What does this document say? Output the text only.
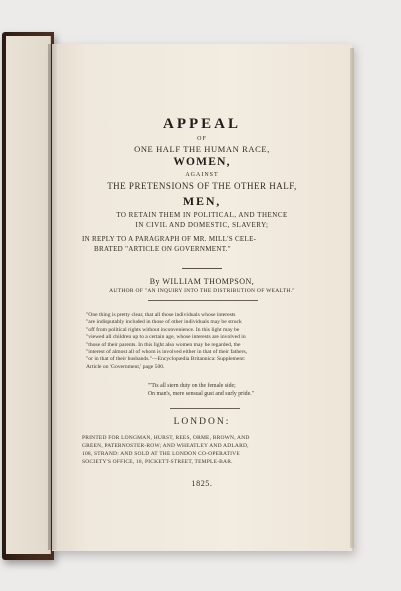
APPEAL
OF
ONE HALF THE HUMAN RACE,
WOMEN,
AGAINST
THE PRETENSIONS OF THE OTHER HALF,
MEN,
TO RETAIN THEM IN POLITICAL, AND THENCE
IN CIVIL AND DOMESTIC, SLAVERY;
IN REPLY TO A PARAGRAPH OF MR. MILL'S CELE-
BRATED "ARTICLE ON GOVERNMENT."
By WILLIAM THOMPSON,
AUTHOR OF "AN INQUIRY INTO THE DISTRIBUTION OF WEALTH."
"One thing is pretty clear, that all those individuals whose interests
"are indisputably included in those of other individuals may be struck
"off from political rights without inconvenience. In this light may be
"viewed all children up to a certain age, whose interests are involved in
"those of their parents. In this light also women may be regarded, the
"interest of almost all of whom is involved either in that of their fathers,
"or in that of their husbands."—Encyclopædia Britannica: Supplement:
Article on 'Government,' page 500.
"'Tis all stern duty on the female side;
On man's, mere sensual gust and surly pride."
LONDON:
PRINTED FOR LONGMAN, HURST, REES, ORME, BROWN, AND
GREEN, PATERNOSTER-ROW; AND WHEATLEY AND ADLARD,
108, STRAND: AND SOLD AT THE LONDON CO-OPERATIVE
SOCIETY'S OFFICE, 18, PICKETT-STREET, TEMPLE-BAR.
1825.
